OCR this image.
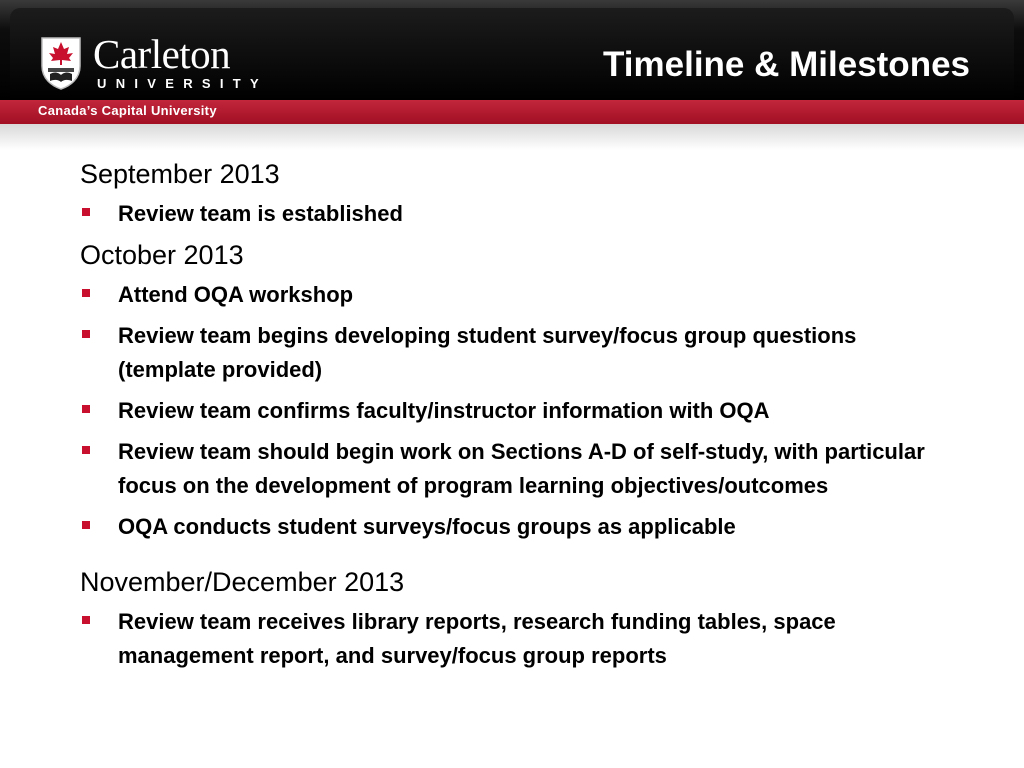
Carleton
UNIVERSITY	Timeline & Milestones
Canada’s Capital University
September 2013
Review team is established
October 2013
Attend OQA workshop
Review team begins developing student survey/focus group questions (template provided)
Review team confirms faculty/instructor information with OQA
Review team should begin work on Sections A-D of self-study, with particular focus on the development of program learning objectives/outcomes
OQA conducts student surveys/focus groups as applicable
November/December 2013
Review team receives library reports, research funding tables, space management report, and survey/focus group reports
